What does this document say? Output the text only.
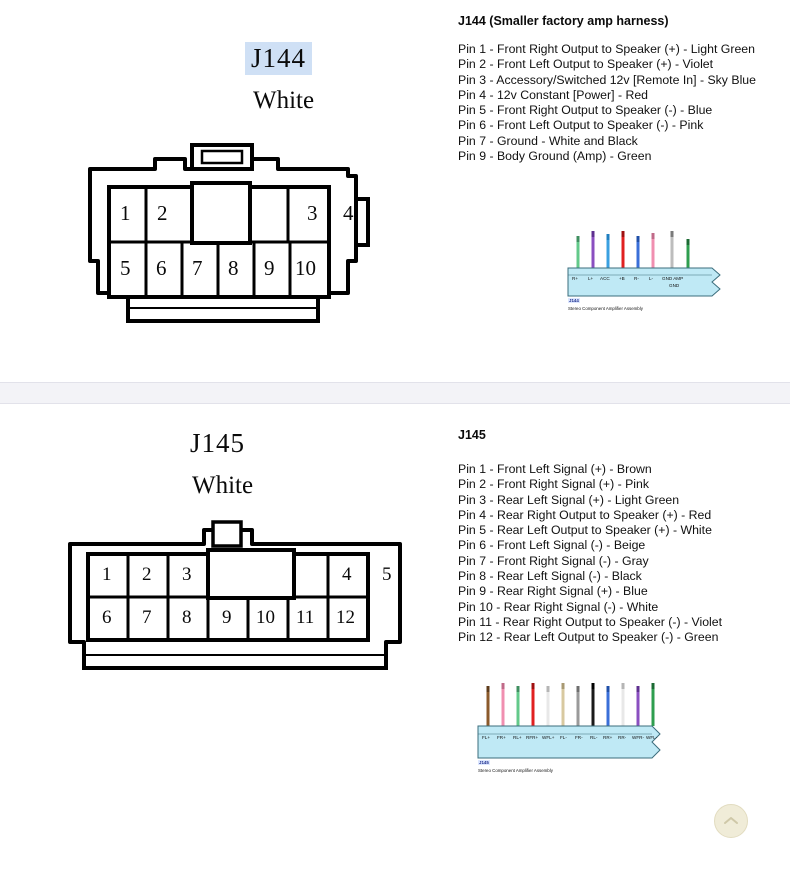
J144
White
1 2	3 4
5 6 7 8 9 10
J144 (Smaller factory amp harness)
Pin 1 - Front Right Output to Speaker (+) - Light Green
Pin 2 - Front Left Output to Speaker (+) - Violet
Pin 3 - Accessory/Switched 12v [Remote In] - Sky Blue
Pin 4 - 12v Constant [Power] - Red
Pin 5 - Front Right Output to Speaker (-) - Blue
Pin 6 - Front Left Output to Speaker (-) - Pink
Pin 7 - Ground - White and Black
Pin 9 - Body Ground (Amp) - Green
R+ L+ ACC +B R- L- GND AMP
GND
J144
Stereo Component Amplifier Assembly
J145
White
1 2 3	4 5
6 7 8 9 10 11 12
J145
Pin 1 - Front Left Signal (+) - Brown
Pin 2 - Front Right Signal (+) - Pink
Pin 3 - Rear Left Signal (+) - Light Green
Pin 4 - Rear Right Output to Speaker (+) - Red
Pin 5 - Rear Left Output to Speaker (+) - White
Pin 6 - Front Left Signal (-) - Beige
Pin 7 - Front Right Signal (-) - Gray
Pin 8 - Rear Left Signal (-) - Black
Pin 9 - Rear Right Signal (+) - Blue
Pin 10 - Rear Right Signal (-) - White
Pin 11 - Rear Right Output to Speaker (-) - Violet
Pin 12 - Rear Left Output to Speaker (-) - Green
FL+ FR+ RL+ RFR+ WFL+ FL- FR- RL- RR+ RR- WFR- WFL-
J145
Stereo Component Amplifier Assembly
